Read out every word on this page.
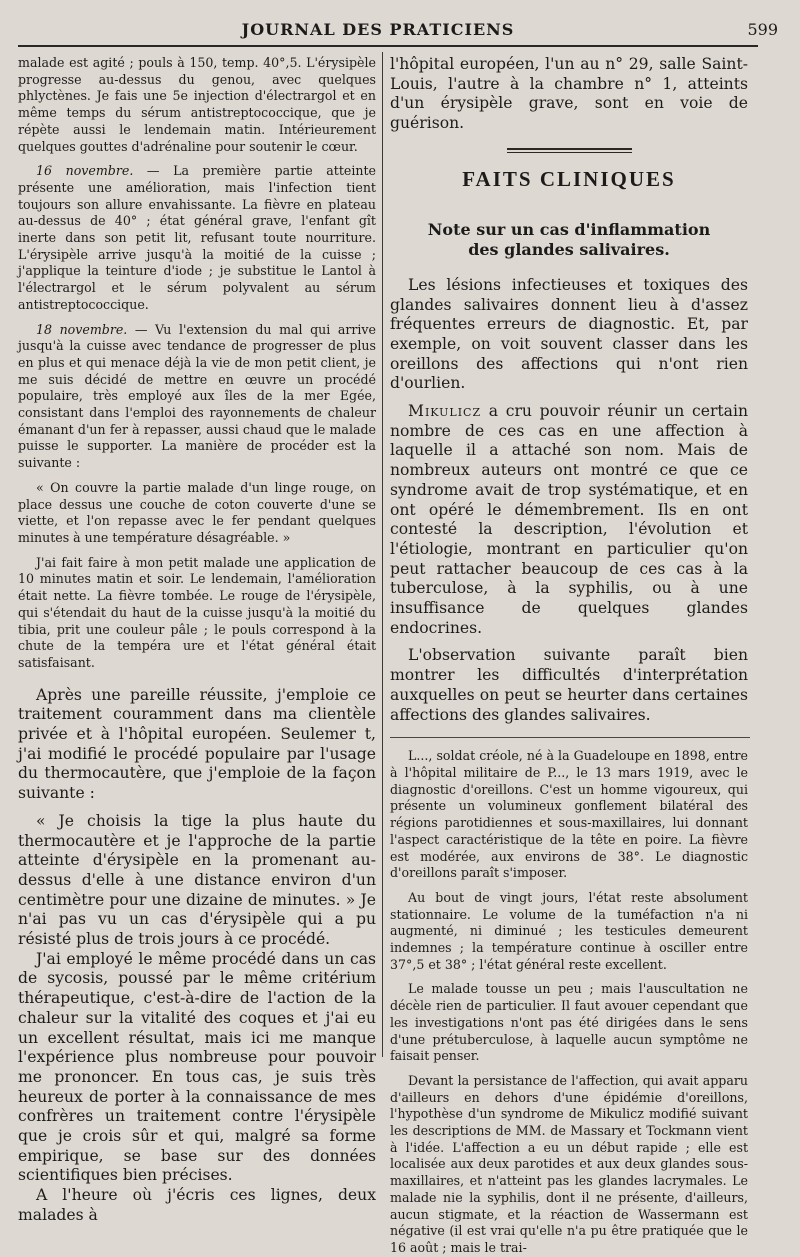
JOURNAL DES PRATICIENS	599

malade est agité ; pouls à 150, temp. 40°,5. L'érysipèle progresse au-dessus du genou, avec quelques phlyctènes. Je fais une 5e injection d'électrargol et en même temps du sérum antistreptococcique, que je répète aussi le lendemain matin. Intérieurement quelques gouttes d'adrénaline pour soutenir le cœur.

16 novembre. — La première partie atteinte présente une amélioration, mais l'infection tient toujours son allure envahissante. La fièvre en plateau au-dessus de 40° ; état général grave, l'enfant gît inerte dans son petit lit, refusant toute nourriture. L'érysipèle arrive jusqu'à la moitié de la cuisse ; j'applique la teinture d'iode ; je substitue le Lantol à l'électrargol et le sérum polyvalent au sérum antistreptococcique.

18 novembre. — Vu l'extension du mal qui arrive jusqu'à la cuisse avec tendance de progresser de plus en plus et qui menace déjà la vie de mon petit client, je me suis décidé de mettre en œuvre un procédé populaire, très employé aux îles de la mer Egée, consistant dans l'emploi des rayonnements de chaleur émanant d'un fer à repasser, aussi chaud que le malade puisse le supporter. La manière de procéder est la suivante :

« On couvre la partie malade d'un linge rouge, on place dessus une couche de coton couverte d'une se viette, et l'on repasse avec le fer pendant quelques minutes à une température désagréable. »

J'ai fait faire à mon petit malade une application de 10 minutes matin et soir. Le lendemain, l'amélioration était nette. La fièvre tombée. Le rouge de l'érysipèle, qui s'étendait du haut de la cuisse jusqu'à la moitié du tibia, prit une couleur pâle ; le pouls correspond à la chute de la tempéra ure et l'état général était satisfaisant.

Après une pareille réussite, j'emploie ce traitement couramment dans ma clientèle privée et à l'hôpital européen. Seulemer t, j'ai modifié le procédé populaire par l'usage du thermocautère, que j'emploie de la façon suivante :

« Je choisis la tige la plus haute du thermocautère et je l'approche de la partie atteinte d'érysipèle en la promenant au-dessus d'elle à une distance environ d'un centimètre pour une dizaine de minutes. » Je n'ai pas vu un cas d'érysipèle qui a pu résisté plus de trois jours à ce procédé.

J'ai employé le même procédé dans un cas de sycosis, poussé par le même critérium thérapeutique, c'est-à-dire de l'action de la chaleur sur la vitalité des coques et j'ai eu un excellent résultat, mais ici me manque l'expérience plus nombreuse pour pouvoir me prononcer. En tous cas, je suis très heureux de porter à la connaissance de mes confrères un traitement contre l'érysipèle que je crois sûr et qui, malgré sa forme empirique, se base sur des données scientifiques bien précises.

A l'heure où j'écris ces lignes, deux malades à

l'hôpital européen, l'un au n° 29, salle Saint-Louis, l'autre à la chambre n° 1, atteints d'un érysipèle grave, sont en voie de guérison.

FAITS CLINIQUES
Note sur un cas d'inflammation
des glandes salivaires.

Les lésions infectieuses et toxiques des glandes salivaires donnent lieu à d'assez fréquentes erreurs de diagnostic. Et, par exemple, on voit souvent classer dans les oreillons des affections qui n'ont rien d'ourlien.

Mikulicz a cru pouvoir réunir un certain nombre de ces cas en une affection à laquelle il a attaché son nom. Mais de nombreux auteurs ont montré ce que ce syndrome avait de trop systématique, et en ont opéré le démembrement. Ils en ont contesté la description, l'évolution et l'étiologie, montrant en particulier qu'on peut rattacher beaucoup de ces cas à la tuberculose, à la syphilis, ou à une insuffisance de quelques glandes endocrines.

L'observation suivante paraît bien montrer les difficultés d'interprétation auxquelles on peut se heurter dans certaines affections des glandes salivaires.

L..., soldat créole, né à la Guadeloupe en 1898, entre à l'hôpital militaire de P..., le 13 mars 1919, avec le diagnostic d'oreillons. C'est un homme vigoureux, qui présente un volumineux gonflement bilatéral des régions parotidiennes et sous-maxillaires, lui donnant l'aspect caractéristique de la tête en poire. La fièvre est modérée, aux environs de 38°. Le diagnostic d'oreillons paraît s'imposer.

Au bout de vingt jours, l'état reste absolument stationnaire. Le volume de la tuméfaction n'a ni augmenté, ni diminué ; les testicules demeurent indemnes ; la température continue à osciller entre 37°,5 et 38° ; l'état général reste excellent.

Le malade tousse un peu ; mais l'auscultation ne décèle rien de particulier. Il faut avouer cependant que les investigations n'ont pas été dirigées dans le sens d'une prétuberculose, à laquelle aucun symptôme ne faisait penser.

Devant la persistance de l'affection, qui avait apparu d'ailleurs en dehors d'une épidémie d'oreillons, l'hypothèse d'un syndrome de Mikulicz modifié suivant les descriptions de MM. de Massary et Tockmann vient à l'idée. L'affection a eu un début rapide ; elle est localisée aux deux parotides et aux deux glandes sous-maxillaires, et n'atteint pas les glandes lacrymales. Le malade nie la syphilis, dont il ne présente, d'ailleurs, aucun stigmate, et la réaction de Wassermann est négative (il est vrai qu'elle n'a pu être pratiquée que le 16 août ; mais le trai-
